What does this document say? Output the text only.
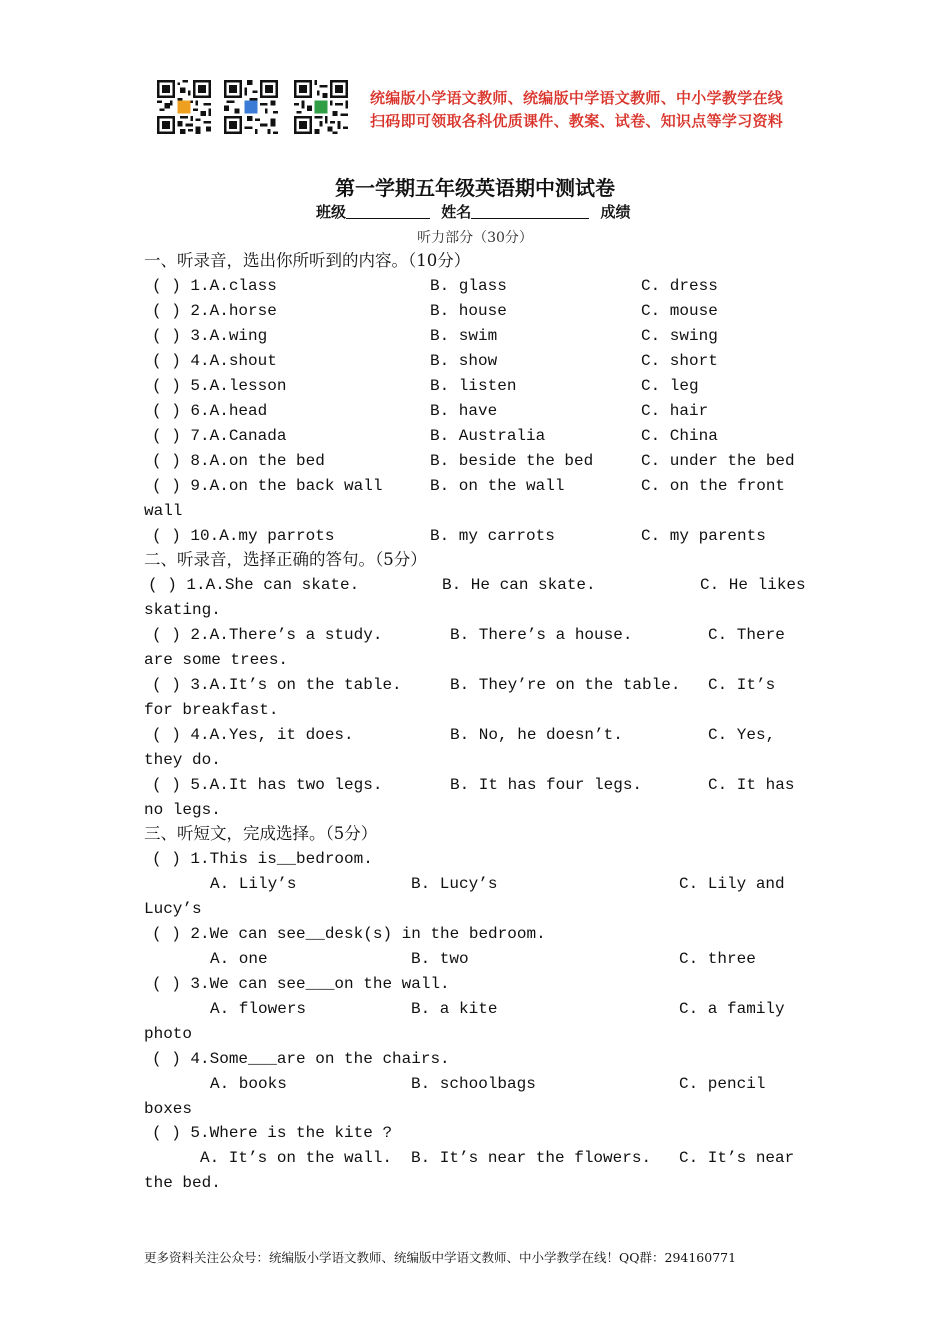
统编版小学语文教师、统编版中学语文教师、中小学教学在线
扫码即可领取各科优质课件、教案、试卷、知识点等学习资料
第一学期五年级英语期中测试卷
班级	姓名	成绩
听力部分（30分）
一、听录音，选出你所听到的内容。（10分）
( ) 1.A.class	B. glass	C. dress
( ) 2.A.horse	B. house	C. mouse
( ) 3.A.wing	B. swim	C. swing
( ) 4.A.shout	B. show	C. short
( ) 5.A.lesson	B. listen	C. leg
( ) 6.A.head	B. have	C. hair
( ) 7.A.Canada	B. Australia	C. China
( ) 8.A.on the bed	B. beside the bed	C. under the bed
( ) 9.A.on the back wall	B. on the wall	C. on the front
wall
( ) 10.A.my parrots	B. my carrots	C. my parents
二、听录音，选择正确的答句。（5分）
( ) 1.A.She can skate.	B. He can skate.	C. He likes
skating.
( ) 2.A.There’s a study.	B. There’s a house.	C. There
are some trees.
( ) 3.A.It’s on the table.	B. They’re on the table. C. It’s
for breakfast.
( ) 4.A.Yes, it does.	B. No, he doesn’t.	C. Yes,
they do.
( ) 5.A.It has two legs.	B. It has four legs.	C. It has
no legs.
三、听短文，完成选择。（5分）
( ) 1.This is__bedroom.
A. Lily’s	B. Lucy’s	C. Lily and
Lucy’s
( ) 2.We can see__desk(s) in the bedroom.
A. one	B. two	C. three
( ) 3.We can see___on the wall.
A. flowers	B. a kite	C. a family
photo
( ) 4.Some___are on the chairs.
A. books	B. schoolbags	C. pencil
boxes
( ) 5.Where is the kite ?
A. It’s on the wall. B. It’s near the flowers. C. It’s near
the bed.
更多资料关注公众号：统编版小学语文教师、统编版中学语文教师、中小学教学在线！QQ群：294160771
